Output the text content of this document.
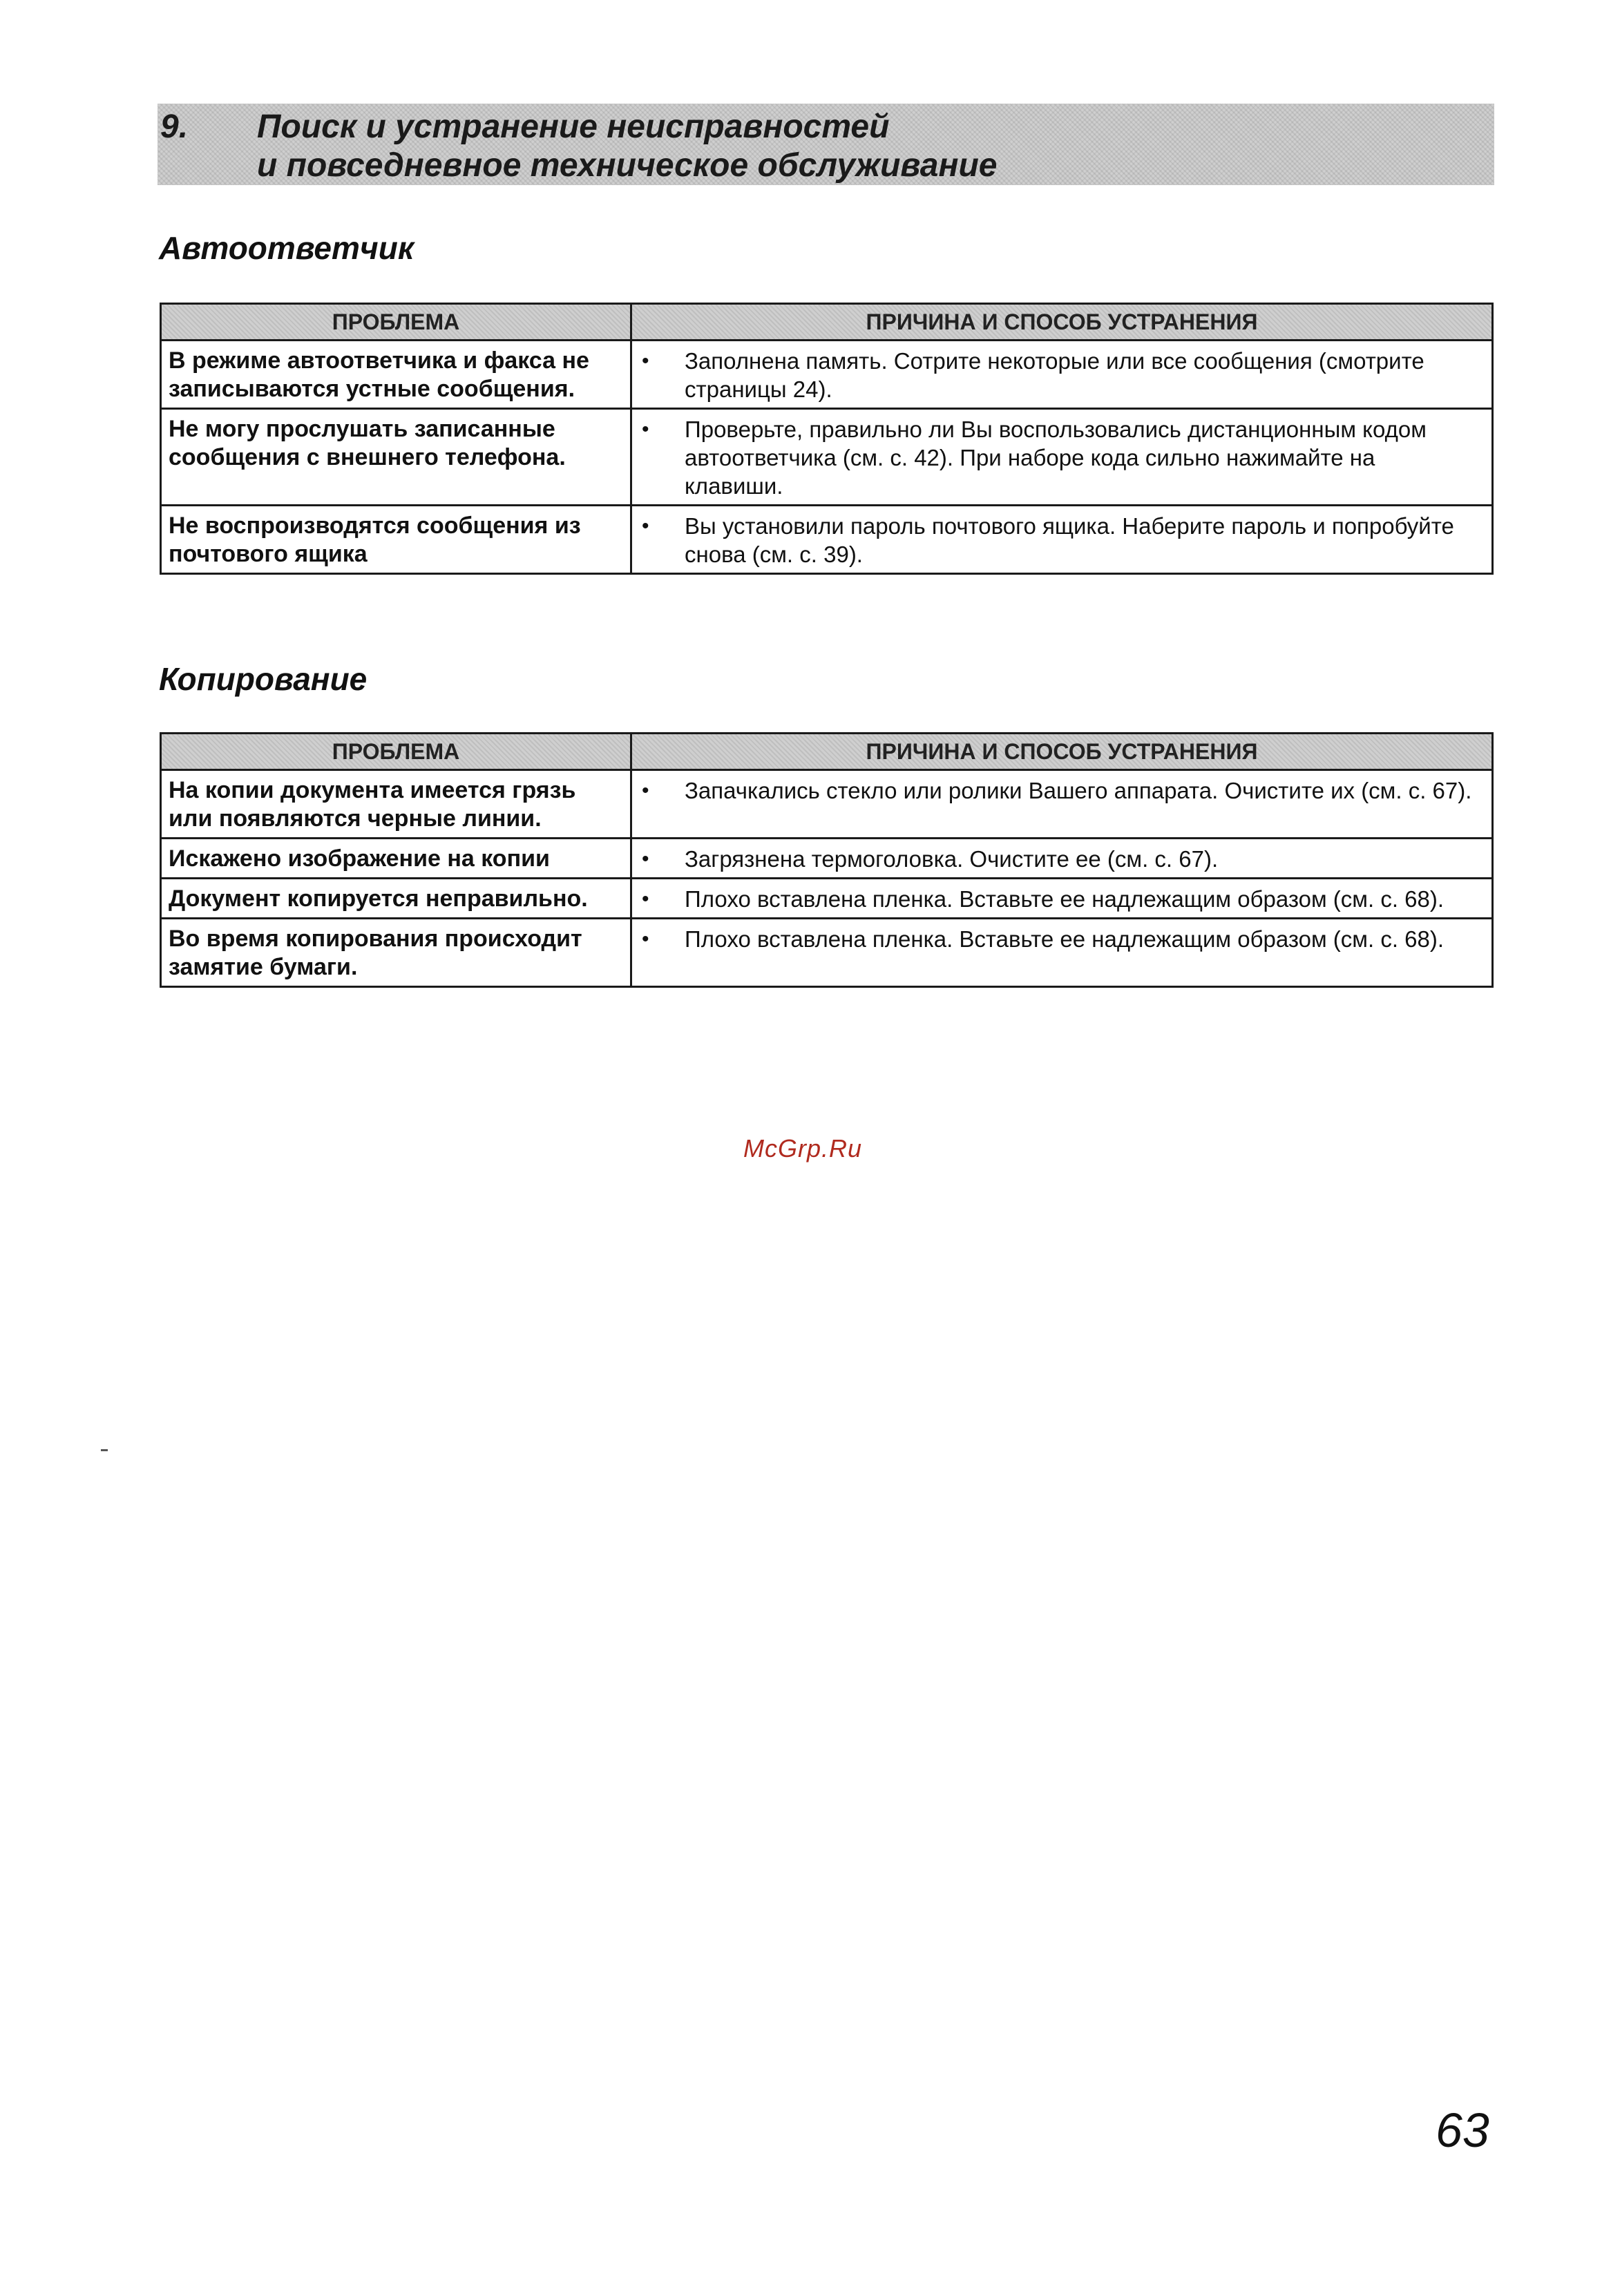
9. Поиск и устранение неисправностей
и повседневное техническое обслуживание
Автоответчик
ПРОБЛЕМА	ПРИЧИНА И СПОСОБ УСТРАНЕНИЯ
В режиме автоответчика и факса не записываются устные сообщения.	• Заполнена память. Сотрите некоторые или все сообщения (смотрите страницы 24).
Не могу прослушать записанные сообщения с внешнего телефона.	• Проверьте, правильно ли Вы воспользовались дистанционным кодом автоответчика (см. с. 42). При наборе кода сильно нажимайте на клавиши.
Не воспроизводятся сообщения из почтового ящика	• Вы установили пароль почтового ящика. Наберите пароль и попробуйте снова (см. с. 39).
Копирование
ПРОБЛЕМА	ПРИЧИНА И СПОСОБ УСТРАНЕНИЯ
На копии документа имеется грязь или появляются черные линии.	• Запачкались стекло или ролики Вашего аппарата. Очистите их (см. с. 67).
Искажено изображение на копии	• Загрязнена термоголовка. Очистите ее (см. с. 67).
Документ копируется неправильно.	• Плохо вставлена пленка. Вставьте ее надлежащим образом (см. с. 68).
Во время копирования происходит замятие бумаги.	• Плохо вставлена пленка. Вставьте ее надлежащим образом (см. с. 68).
McGrp.Ru
63
